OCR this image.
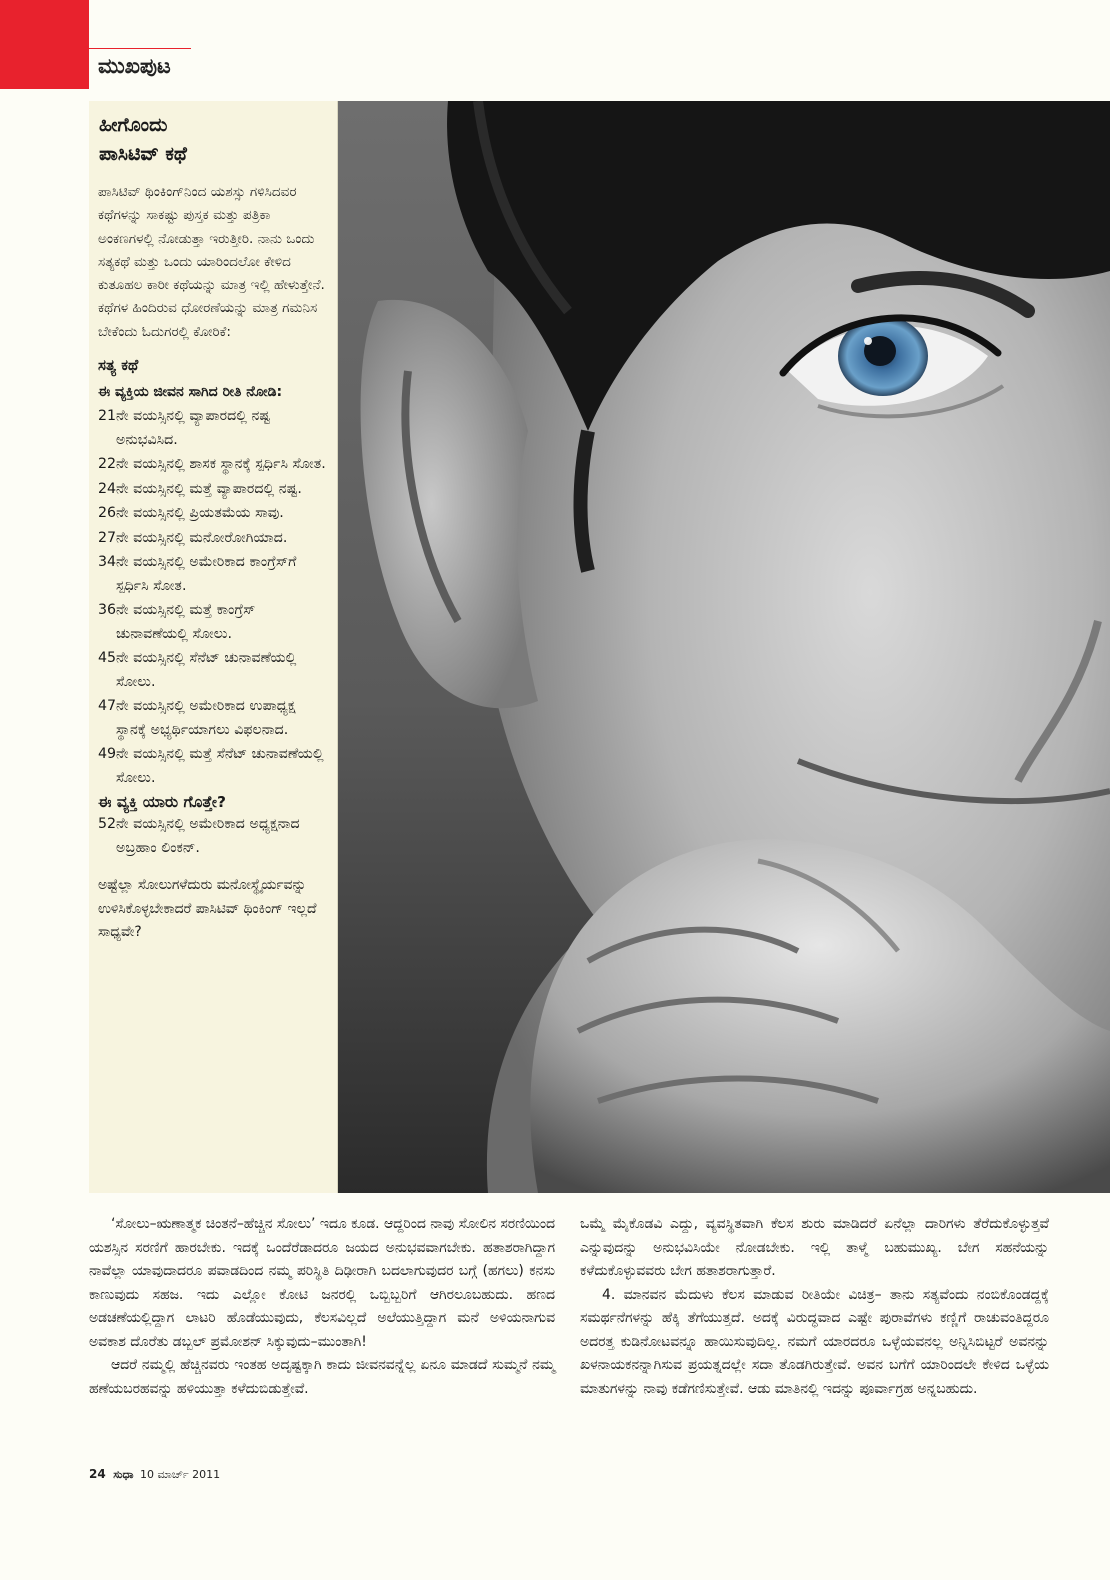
ಮುಖಪುಟ
ಹೀಗೊಂದು
ಪಾಸಿಟಿವ್ ಕಥೆ

ಪಾಸಿಟಿವ್ ಥಿಂಕಿಂಗ್‌ನಿಂದ ಯಶಸ್ಸು ಗಳಿಸಿದವರ ಕಥೆಗಳನ್ನು ಸಾಕಷ್ಟು ಪುಸ್ತಕ ಮತ್ತು ಪತ್ರಿಕಾ ಅಂಕಣಗಳಲ್ಲಿ ನೋಡುತ್ತಾ ಇರುತ್ತೀರಿ. ನಾನು ಒಂದು ಸತ್ಯಕಥೆ ಮತ್ತು ಒಂದು ಯಾರಿಂದಲೋ ಕೇಳಿದ ಕುತೂಹಲ ಕಾರೀ ಕಥೆಯನ್ನು ಮಾತ್ರ ಇಲ್ಲಿ ಹೇಳುತ್ತೇನೆ. ಕಥೆಗಳ ಹಿಂದಿರುವ ಧೋರಣೆಯನ್ನು ಮಾತ್ರ ಗಮನಿಸ ಬೇಕೆಂದು ಓದುಗರಲ್ಲಿ ಕೋರಿಕೆ:

ಸತ್ಯ ಕಥೆ
ಈ ವ್ಯಕ್ತಿಯ ಜೀವನ ಸಾಗಿದ ರೀತಿ ನೋಡಿ:
21ನೇ ವಯಸ್ಸಿನಲ್ಲಿ ವ್ಯಾಪಾರದಲ್ಲಿ ನಷ್ಟ ಅನುಭವಿಸಿದ.
22ನೇ ವಯಸ್ಸಿನಲ್ಲಿ ಶಾಸಕ ಸ್ಥಾನಕ್ಕೆ ಸ್ಪರ್ಧಿಸಿ ಸೋತ.
24ನೇ ವಯಸ್ಸಿನಲ್ಲಿ ಮತ್ತೆ ವ್ಯಾಪಾರದಲ್ಲಿ ನಷ್ಟ.
26ನೇ ವಯಸ್ಸಿನಲ್ಲಿ ಪ್ರಿಯತಮೆಯ ಸಾವು.
27ನೇ ವಯಸ್ಸಿನಲ್ಲಿ ಮನೋರೋಗಿಯಾದ.
34ನೇ ವಯಸ್ಸಿನಲ್ಲಿ ಅಮೇರಿಕಾದ ಕಾಂಗ್ರೆಸ್‌ಗೆ ಸ್ಪರ್ಧಿಸಿ ಸೋತ.
36ನೇ ವಯಸ್ಸಿನಲ್ಲಿ ಮತ್ತೆ ಕಾಂಗ್ರೆಸ್ ಚುನಾವಣೆಯಲ್ಲಿ ಸೋಲು.
45ನೇ ವಯಸ್ಸಿನಲ್ಲಿ ಸೆನೆಟ್ ಚುನಾವಣೆಯಲ್ಲಿ ಸೋಲು.
47ನೇ ವಯಸ್ಸಿನಲ್ಲಿ ಅಮೇರಿಕಾದ ಉಪಾಧ್ಯಕ್ಷ ಸ್ಥಾನಕ್ಕೆ ಅಭ್ಯರ್ಥಿಯಾಗಲು ವಿಫಲನಾದ.
49ನೇ ವಯಸ್ಸಿನಲ್ಲಿ ಮತ್ತೆ ಸೆನೆಟ್ ಚುನಾವಣೆಯಲ್ಲಿ ಸೋಲು.

ಈ ವ್ಯಕ್ತಿ ಯಾರು ಗೊತ್ತೇ?

52ನೇ ವಯಸ್ಸಿನಲ್ಲಿ ಅಮೇರಿಕಾದ ಅಧ್ಯಕ್ಷನಾದ ಅಬ್ರಹಾಂ ಲಿಂಕನ್.

ಅಷ್ಟೆಲ್ಲಾ ಸೋಲುಗಳೆದುರು ಮನೋಸ್ಥೈರ್ಯವನ್ನು ಉಳಿಸಿಕೊಳ್ಳಬೇಕಾದರೆ ಪಾಸಿಟಿವ್ ಥಿಂಕಿಂಗ್ ಇಲ್ಲದೆ ಸಾಧ್ಯವೇ?

‘ಸೋಲು–ಋಣಾತ್ಮಕ ಚಿಂತನೆ–ಹೆಚ್ಚಿನ ಸೋಲು’ ಇದೂ ಕೂಡ. ಆದ್ದರಿಂದ ನಾವು ಸೋಲಿನ ಸರಣಿಯಿಂದ ಯಶಸ್ಸಿನ ಸರಣಿಗೆ ಹಾರಬೇಕು. ಇದಕ್ಕೆ ಒಂದೆರೆಡಾದರೂ ಜಯದ ಅನುಭವವಾಗಬೇಕು. ಹತಾಶರಾಗಿದ್ದಾಗ ನಾವೆಲ್ಲಾ ಯಾವುದಾದರೂ ಪವಾಡದಿಂದ ನಮ್ಮ ಪರಿಸ್ಥಿತಿ ದಿಢೀರಾಗಿ ಬದಲಾಗುವುದರ ಬಗ್ಗೆ (ಹಗಲು) ಕನಸು ಕಾಣುವುದು ಸಹಜ. ಇದು ಎಲ್ಲೋ ಕೋಟಿ ಜನರಲ್ಲಿ ಒಬ್ಬಿಬ್ಬರಿಗೆ ಆಗಿರಲೂಬಹುದು. ಹಣದ ಅಡಚಣೆಯಲ್ಲಿದ್ದಾಗ ಲಾಟರಿ ಹೊಡೆಯುವುದು, ಕೆಲಸವಿಲ್ಲದೆ ಅಲೆಯುತ್ತಿದ್ದಾಗ ಮನೆ ಅಳಿಯನಾಗುವ ಅವಕಾಶ ದೊರೆತು ಡಬ್ಬಲ್ ಪ್ರಮೋಶನ್ ಸಿಕ್ಕುವುದು–ಮುಂತಾಗಿ!

ಆದರೆ ನಮ್ಮಲ್ಲಿ ಹೆಚ್ಚಿನವರು ಇಂತಹ ಅದೃಷ್ಟಕ್ಕಾಗಿ ಕಾದು ಜೀವನವನ್ನೆಲ್ಲ ಏನೂ ಮಾಡದೆ ಸುಮ್ಮನೆ ನಮ್ಮ ಹಣೆಯಬರಹವನ್ನು ಹಳಿಯುತ್ತಾ ಕಳೆದುಬಿಡುತ್ತೇವೆ.

ಒಮ್ಮೆ ಮೈಕೊಡವಿ ಎದ್ದು, ವ್ಯವಸ್ಥಿತವಾಗಿ ಕೆಲಸ ಶುರು ಮಾಡಿದರೆ ಏನೆಲ್ಲಾ ದಾರಿಗಳು ತೆರೆದುಕೊಳ್ಳುತ್ತವೆ ಎನ್ನುವುದನ್ನು ಅನುಭವಿಸಿಯೇ ನೋಡಬೇಕು. ಇಲ್ಲಿ ತಾಳ್ಮೆ ಬಹುಮುಖ್ಯ. ಬೇಗ ಸಹನೆಯನ್ನು ಕಳೆದುಕೊಳ್ಳುವವರು ಬೇಗ ಹತಾಶರಾಗುತ್ತಾರೆ.

4. ಮಾನವನ ಮೆದುಳು ಕೆಲಸ ಮಾಡುವ ರೀತಿಯೇ ವಿಚಿತ್ರ– ತಾನು ಸತ್ಯವೆಂದು ನಂಬಿಕೊಂಡದ್ದಕ್ಕೆ ಸಮರ್ಥನೆಗಳನ್ನು ಹೆಕ್ಕಿ ತೆಗೆಯುತ್ತದೆ. ಅದಕ್ಕೆ ವಿರುದ್ಧವಾದ ಎಷ್ಟೇ ಪುರಾವೆಗಳು ಕಣ್ಣಿಗೆ ರಾಚುವಂತಿದ್ದರೂ ಅದರತ್ತ ಕುಡಿನೋಟವನ್ನೂ ಹಾಯಿಸುವುದಿಲ್ಲ. ನಮಗೆ ಯಾರದರೂ ಒಳ್ಳೆಯವನಲ್ಲ ಅನ್ನಿಸಿಬಿಟ್ಟರೆ ಅವನನ್ನು ಖಳನಾಯಕನನ್ನಾಗಿಸುವ ಪ್ರಯತ್ನದಲ್ಲೇ ಸದಾ ತೊಡಗಿರುತ್ತೇವೆ. ಅವನ ಬಗೆಗೆ ಯಾರಿಂದಲೇ ಕೇಳಿದ ಒಳ್ಳೆಯ ಮಾತುಗಳನ್ನು ನಾವು ಕಡೆಗಣಿಸುತ್ತೇವೆ. ಆಡು ಮಾತಿನಲ್ಲಿ ಇದನ್ನು ಪೂರ್ವಾಗ್ರಹ ಅನ್ನಬಹುದು.

24 ಸುಧಾ 10 ಮಾರ್ಚ್ 2011
